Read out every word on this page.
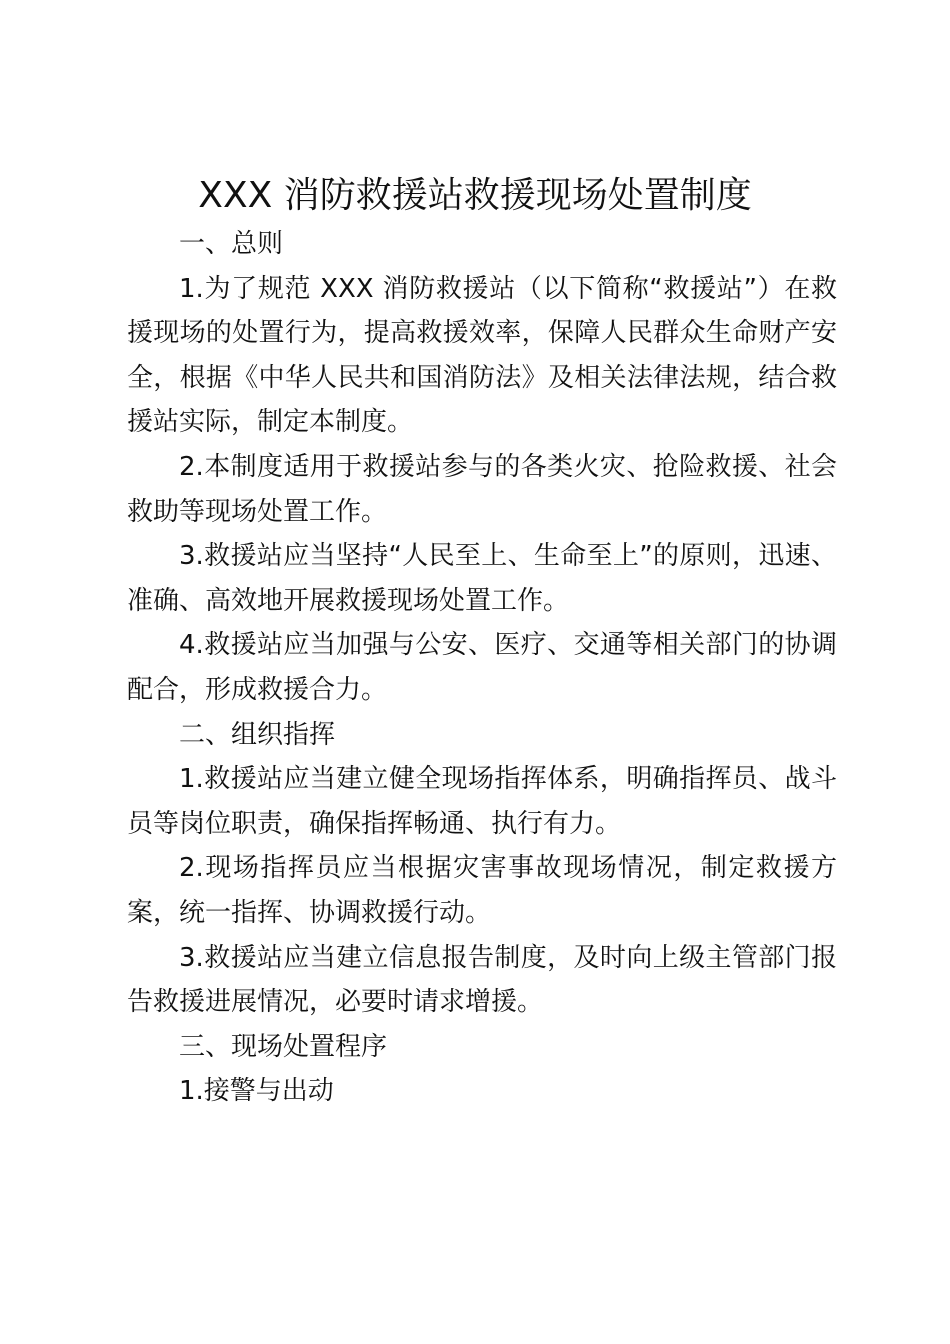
XXX 消防救援站救援现场处置制度

一、总则

1.为了规范 XXX 消防救援站（以下简称“救援站”）在救援现场的处置行为，提高救援效率，保障人民群众生命财产安全，根据《中华人民共和国消防法》及相关法律法规，结合救援站实际，制定本制度。

2.本制度适用于救援站参与的各类火灾、抢险救援、社会救助等现场处置工作。

3.救援站应当坚持“人民至上、生命至上”的原则，迅速、准确、高效地开展救援现场处置工作。

4.救援站应当加强与公安、医疗、交通等相关部门的协调配合，形成救援合力。

二、组织指挥

1.救援站应当建立健全现场指挥体系，明确指挥员、战斗员等岗位职责，确保指挥畅通、执行有力。

2.现场指挥员应当根据灾害事故现场情况，制定救援方案，统一指挥、协调救援行动。

3.救援站应当建立信息报告制度，及时向上级主管部门报告救援进展情况，必要时请求增援。

三、现场处置程序

1.接警与出动
